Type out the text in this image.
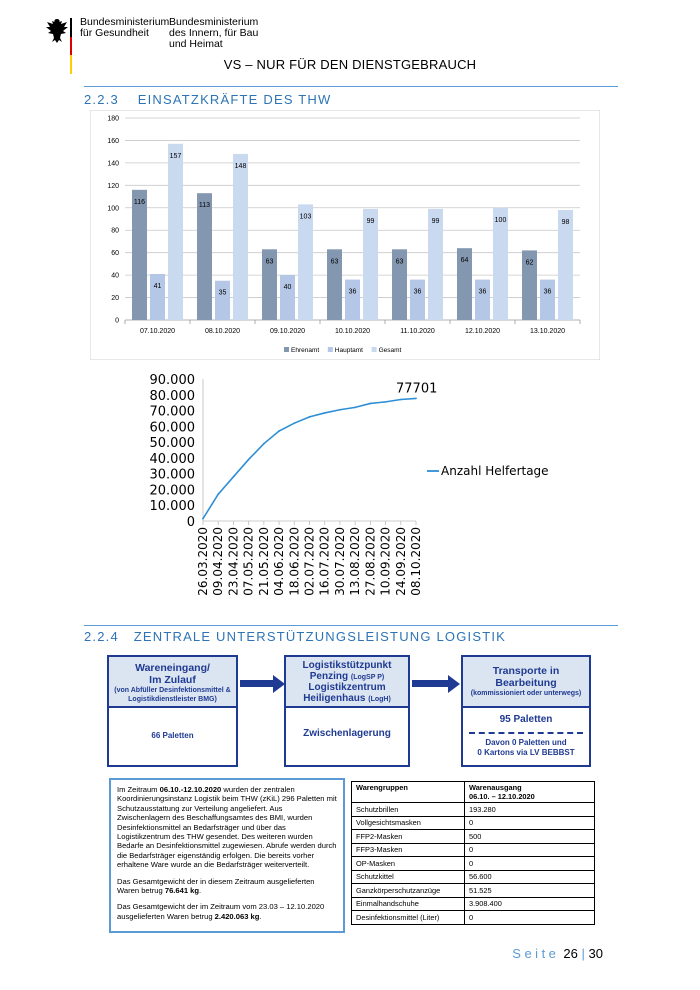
Bundesministerium
für Gesundheit
Bundesministerium
des Innern, für Bau
und Heimat
VS – NUR FÜR DEN DIENSTGEBRAUCH
2.2.3 EINSATZKRÄFTE DES THW
0
20
40
60
80
100
120
140
160
180
07.10.2020
116
41
157
08.10.2020
113
35
148
09.10.2020
63
40
103
10.10.2020
63
36
99
11.10.2020
63
36
99
12.10.2020
64
36
100
13.10.2020
62
36
98
Ehrenamt Hauptamt Gesamt
0
10.000
20.000
30.000
40.000
50.000
60.000
70.000
80.000
90.000
26.03.2020 09.04.2020 23.04.2020 07.05.2020 21.05.2020 04.06.2020 18.06.2020 02.07.2020 16.07.2020 30.07.2020 13.08.2020 27.08.2020 10.09.2020 24.09.2020 08.10.2020
77701
Anzahl Helfertage
2.2.4 ZENTRALE UNTERSTÜTZUNGSLEISTUNG LOGISTIK
Wareneingang/
Im Zulauf
(von Abfüller Desinfektionsmittel & Logistikdienstleister BMG)
66 Paletten
Logistikstützpunkt
Penzing (LogSP P)
Logistikzentrum
Heiligenhaus (LogH)
Zwischenlagerung
Transporte in
Bearbeitung
(kommissioniert oder unterwegs)
95 Paletten
Davon 0 Paletten und
0 Kartons via LV BEBBST

Im Zeitraum 06.10.-12.10.2020 wurden der zentralen Koordinierungsinstanz Logistik beim THW (zKiL) 296 Paletten mit Schutzausstattung zur Verteilung angeliefert. Aus Zwischenlagern des Beschaffungsamtes des BMI, wurden Desinfektionsmittel an Bedarfsträger und über das Logistikzentrum des THW gesendet. Des weiteren wurden Bedarfe an Desinfektionsmittel zugewiesen. Abrufe werden durch die Bedarfsträger eigenständig erfolgen. Die bereits vorher erhaltene Ware wurde an die Bedarfsträger weiterverteilt.

Das Gesamtgewicht der in diesem Zeitraum ausgelieferten Waren betrug 76.641 kg.

Das Gesamtgewicht der im Zeitraum vom 23.03 – 12.10.2020 ausgelieferten Waren betrug 2.420.063 kg.

Warengruppen	Warenausgang
06.10. – 12.10.2020

Schutzbrillen	193.280
Vollgesichtsmasken	0
FFP2-Masken	500
FFP3-Masken	0
OP-Masken	0
Schutzkittel	56.600
Ganzkörperschutzanzüge	51.525
Einmalhandschuhe	3.908.400
Desinfektionsmittel (Liter)	0
Seite 26 | 30
